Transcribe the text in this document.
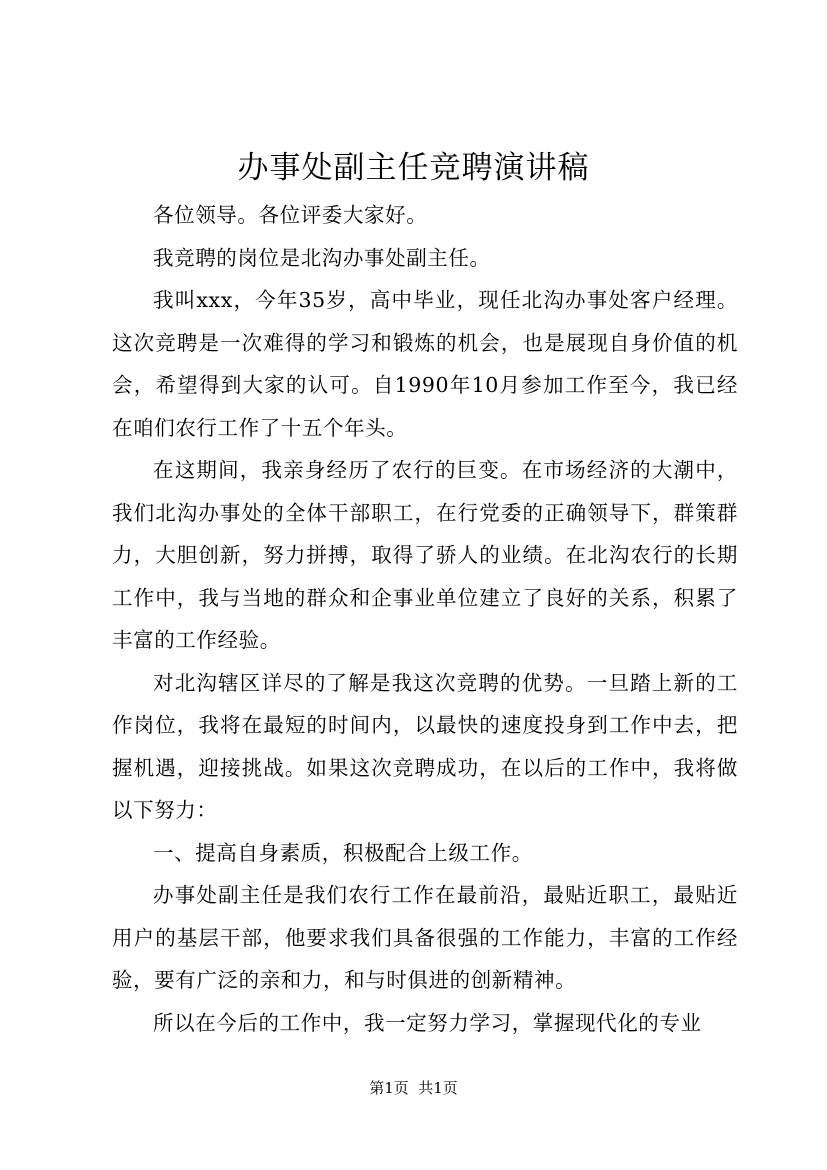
办事处副主任竞聘演讲稿

各位领导。各位评委大家好。

我竞聘的岗位是北沟办事处副主任。

我叫xxx，今年35岁，高中毕业，现任北沟办事处客户经理。这次竞聘是一次难得的学习和锻炼的机会，也是展现自身价值的机会，希望得到大家的认可。自1990年10月参加工作至今，我已经在咱们农行工作了十五个年头。

在这期间，我亲身经历了农行的巨变。在市场经济的大潮中，我们北沟办事处的全体干部职工，在行党委的正确领导下，群策群力，大胆创新，努力拼搏，取得了骄人的业绩。在北沟农行的长期工作中，我与当地的群众和企事业单位建立了良好的关系，积累了丰富的工作经验。

对北沟辖区详尽的了解是我这次竞聘的优势。一旦踏上新的工作岗位，我将在最短的时间内，以最快的速度投身到工作中去，把握机遇，迎接挑战。如果这次竞聘成功，在以后的工作中，我将做以下努力：

一、提高自身素质，积极配合上级工作。

办事处副主任是我们农行工作在最前沿，最贴近职工，最贴近用户的基层干部，他要求我们具备很强的工作能力，丰富的工作经验，要有广泛的亲和力，和与时俱进的创新精神。

所以在今后的工作中，我一定努力学习，掌握现代化的专业

第1页  共1页
